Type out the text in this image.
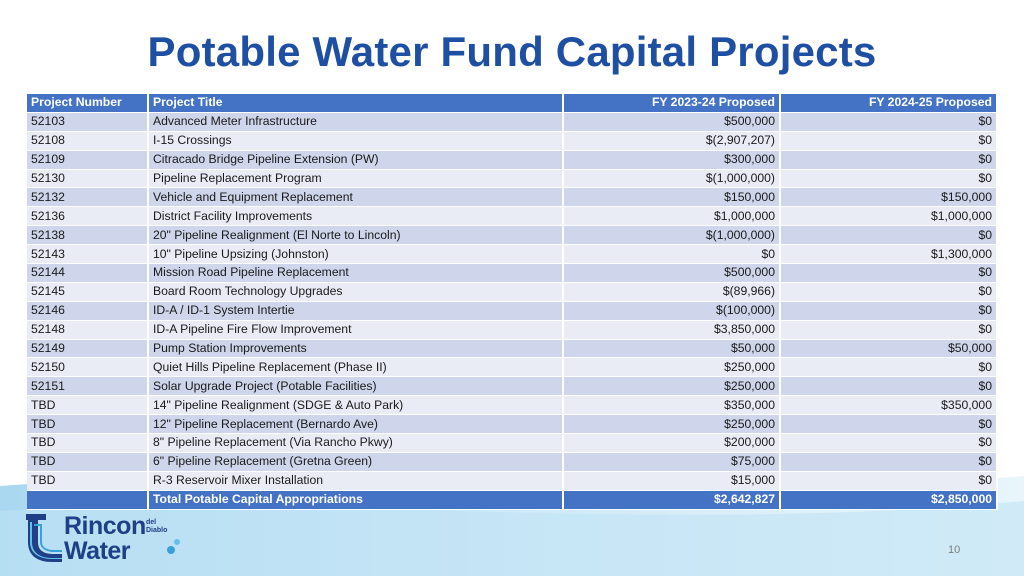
Potable Water Fund Capital Projects
Project Number	Project Title	FY 2023-24 Proposed	FY 2024-25 Proposed
52103	Advanced Meter Infrastructure	$500,000	$0
52108	I-15 Crossings	$(2,907,207)	$0
52109	Citracado Bridge Pipeline Extension (PW)	$300,000	$0
52130	Pipeline Replacement Program	$(1,000,000)	$0
52132	Vehicle and Equipment Replacement	$150,000	$150,000
52136	District Facility Improvements	$1,000,000	$1,000,000
52138	20" Pipeline Realignment (El Norte to Lincoln)	$(1,000,000)	$0
52143	10" Pipeline Upsizing (Johnston)	$0	$1,300,000
52144	Mission Road Pipeline Replacement	$500,000	$0
52145	Board Room Technology Upgrades	$(89,966)	$0
52146	ID-A / ID-1 System Intertie	$(100,000)	$0
52148	ID-A Pipeline Fire Flow Improvement	$3,850,000	$0
52149	Pump Station Improvements	$50,000	$50,000
52150	Quiet Hills Pipeline Replacement (Phase II)	$250,000	$0
52151	Solar Upgrade Project (Potable Facilities)	$250,000	$0
TBD	14" Pipeline Realignment (SDGE & Auto Park)	$350,000	$350,000
TBD	12" Pipeline Replacement (Bernardo Ave)	$250,000	$0
TBD	8" Pipeline Replacement (Via Rancho Pkwy)	$200,000	$0
TBD	6" Pipeline Replacement (Gretna Green)	$75,000	$0
TBD	R-3 Reservoir Mixer Installation	$15,000	$0
	Total Potable Capital Appropriations	$2,642,827	$2,850,000
Rincon del
Diablo
Water	10
